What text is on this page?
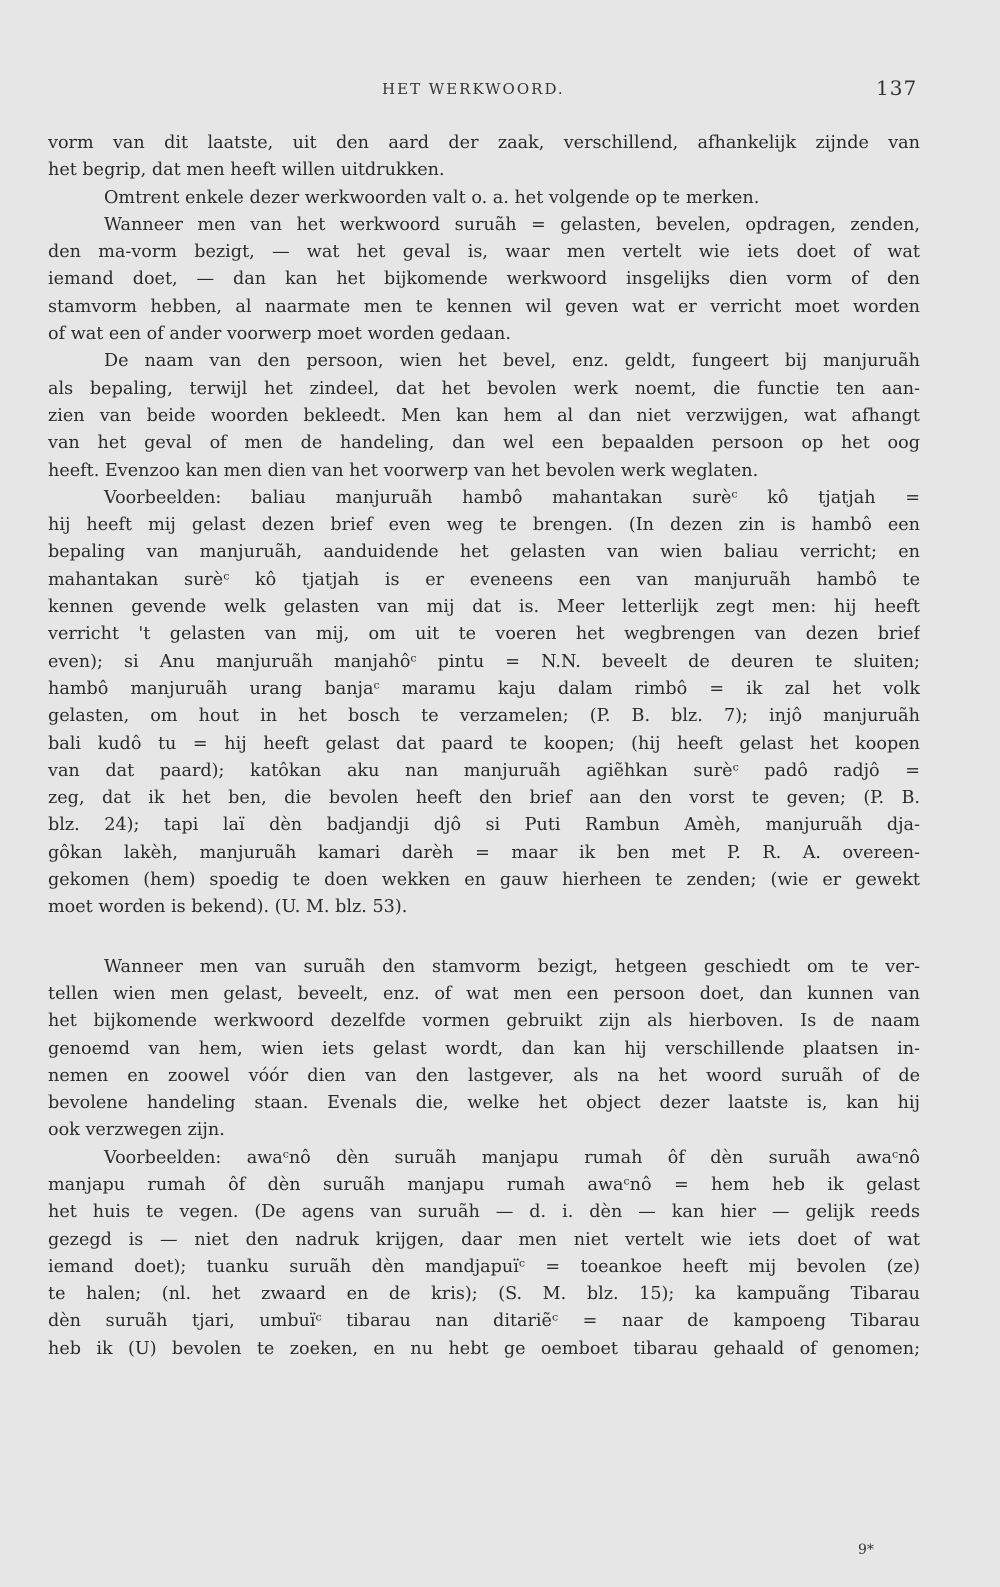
HET WERKWOORD.	137
vorm van dit laatste, uit den aard der zaak, verschillend, afhankelijk zijnde van
het begrip, dat men heeft willen uitdrukken.
Omtrent enkele dezer werkwoorden valt o. a. het volgende op te merken.
Wanneer men van het werkwoord suruãh = gelasten, bevelen, opdragen, zenden,
den ma-vorm bezigt, — wat het geval is, waar men vertelt wie iets doet of wat
iemand doet, — dan kan het bijkomende werkwoord insgelijks dien vorm of den
stamvorm hebben, al naarmate men te kennen wil geven wat er verricht moet worden
of wat een of ander voorwerp moet worden gedaan.
De naam van den persoon, wien het bevel, enz. geldt, fungeert bij manjuruãh
als bepaling, terwijl het zindeel, dat het bevolen werk noemt, die functie ten aan-
zien van beide woorden bekleedt. Men kan hem al dan niet verzwijgen, wat afhangt
van het geval of men de handeling, dan wel een bepaalden persoon op het oog
heeft. Evenzoo kan men dien van het voorwerp van het bevolen werk weglaten.
Voorbeelden: baliau manjuruãh hambô mahantakan surèᶜ kô tjatjah =
hij heeft mij gelast dezen brief even weg te brengen. (In dezen zin is hambô een
bepaling van manjuruãh, aanduidende het gelasten van wien baliau verricht; en
mahantakan surèᶜ kô tjatjah is er eveneens een van manjuruãh hambô te
kennen gevende welk gelasten van mij dat is. Meer letterlijk zegt men: hij heeft
verricht 't gelasten van mij, om uit te voeren het wegbrengen van dezen brief
even); si Anu manjuruãh manjahôᶜ pintu = N.N. beveelt de deuren te sluiten;
hambô manjuruãh urang banjaᶜ maramu kaju dalam rimbô = ik zal het volk
gelasten, om hout in het bosch te verzamelen; (P. B. blz. 7); injô manjuruãh
bali kudô tu = hij heeft gelast dat paard te koopen; (hij heeft gelast het koopen
van dat paard); katôkan aku nan manjuruãh agiẽhkan surèᶜ padô radjô =
zeg, dat ik het ben, die bevolen heeft den brief aan den vorst te geven; (P. B.
blz. 24); tapi laï dèn badjandji djô si Puti Rambun Amèh, manjuruãh dja-
gôkan lakèh, manjuruãh kamari darèh = maar ik ben met P. R. A. overeen-
gekomen (hem) spoedig te doen wekken en gauw hierheen te zenden; (wie er gewekt
moet worden is bekend). (U. M. blz. 53).
Wanneer men van suruãh den stamvorm bezigt, hetgeen geschiedt om te ver-
tellen wien men gelast, beveelt, enz. of wat men een persoon doet, dan kunnen van
het bijkomende werkwoord dezelfde vormen gebruikt zijn als hierboven. Is de naam
genoemd van hem, wien iets gelast wordt, dan kan hij verschillende plaatsen in-
nemen en zoowel vóór dien van den lastgever, als na het woord suruãh of de
bevolene handeling staan. Evenals die, welke het object dezer laatste is, kan hij
ook verzwegen zijn.
Voorbeelden: awaᶜnô dèn suruãh manjapu rumah ôf dèn suruãh awaᶜnô
manjapu rumah ôf dèn suruãh manjapu rumah awaᶜnô = hem heb ik gelast
het huis te vegen. (De agens van suruãh — d. i. dèn — kan hier — gelijk reeds
gezegd is — niet den nadruk krijgen, daar men niet vertelt wie iets doet of wat
iemand doet); tuanku suruãh dèn mandjapuïᶜ = toeankoe heeft mij bevolen (ze)
te halen; (nl. het zwaard en de kris); (S. M. blz. 15); ka kampuãng Tibarau
dèn suruãh tjari, umbuïᶜ tibarau nan ditariẽᶜ = naar de kampoeng Tibarau
heb ik (U) bevolen te zoeken, en nu hebt ge oemboet tibarau gehaald of genomen;
9*
